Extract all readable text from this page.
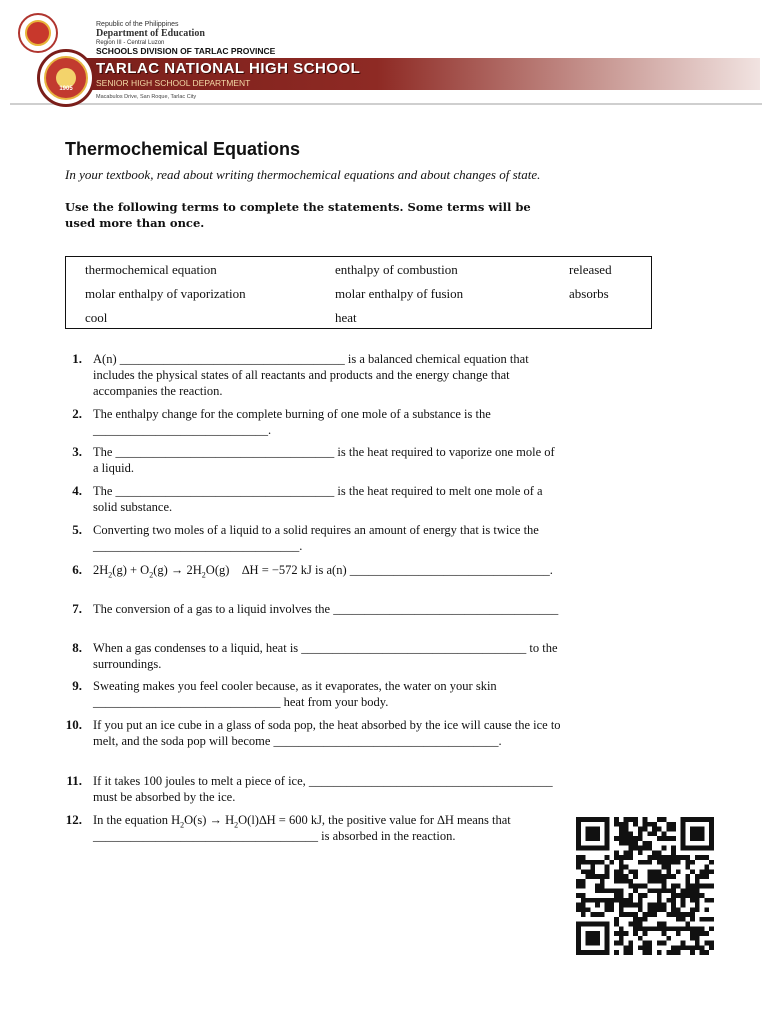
Republic of the Philippines
Department of Education
Region III - Central Luzon
SCHOOLS DIVISION OF TARLAC PROVINCE
TARLAC NATIONAL HIGH SCHOOL
SENIOR HIGH SCHOOL DEPARTMENT
Macabulos Drive, San Roque, Tarlac City
1905
Thermochemical Equations
In your textbook, read about writing thermochemical equations and about changes of state.
Use the following terms to complete the statements. Some terms will be used more than once.
thermochemical equation	enthalpy of combustion	released
molar enthalpy of vaporization	molar enthalpy of fusion	absorbs
cool	heat
1. A(n) ____________________________________ is a balanced chemical equation that includes the physical states of all reactants and products and the energy change that accompanies the reaction.
2. The enthalpy change for the complete burning of one mole of a substance is the ____________________________.
3. The ___________________________________ is the heat required to vaporize one mole of a liquid.
4. The ___________________________________ is the heat required to melt one mole of a solid substance.
5. Converting two moles of a liquid to a solid requires an amount of energy that is twice the _________________________________.
6. $2H_2(g) + O_2(g) \to 2H_2O(g)$    ∆H = −572 kJ is a(n) ________________________________.
7. The conversion of a gas to a liquid involves the ____________________________________
8. When a gas condenses to a liquid, heat is ____________________________________ to the surroundings.
9. Sweating makes you feel cooler because, as it evaporates, the water on your skin ______________________________ heat from your body.
10. If you put an ice cube in a glass of soda pop, the heat absorbed by the ice will cause the ice to melt, and the soda pop will become ____________________________________.
11. If it takes 100 joules to melt a piece of ice, _______________________________________ must be absorbed by the ice.
12. In the equation $H_2O(s) \to H_2O(l)\Delta H = 600$ kJ, the positive value for ∆H means that ____________________________________ is absorbed in the reaction.
